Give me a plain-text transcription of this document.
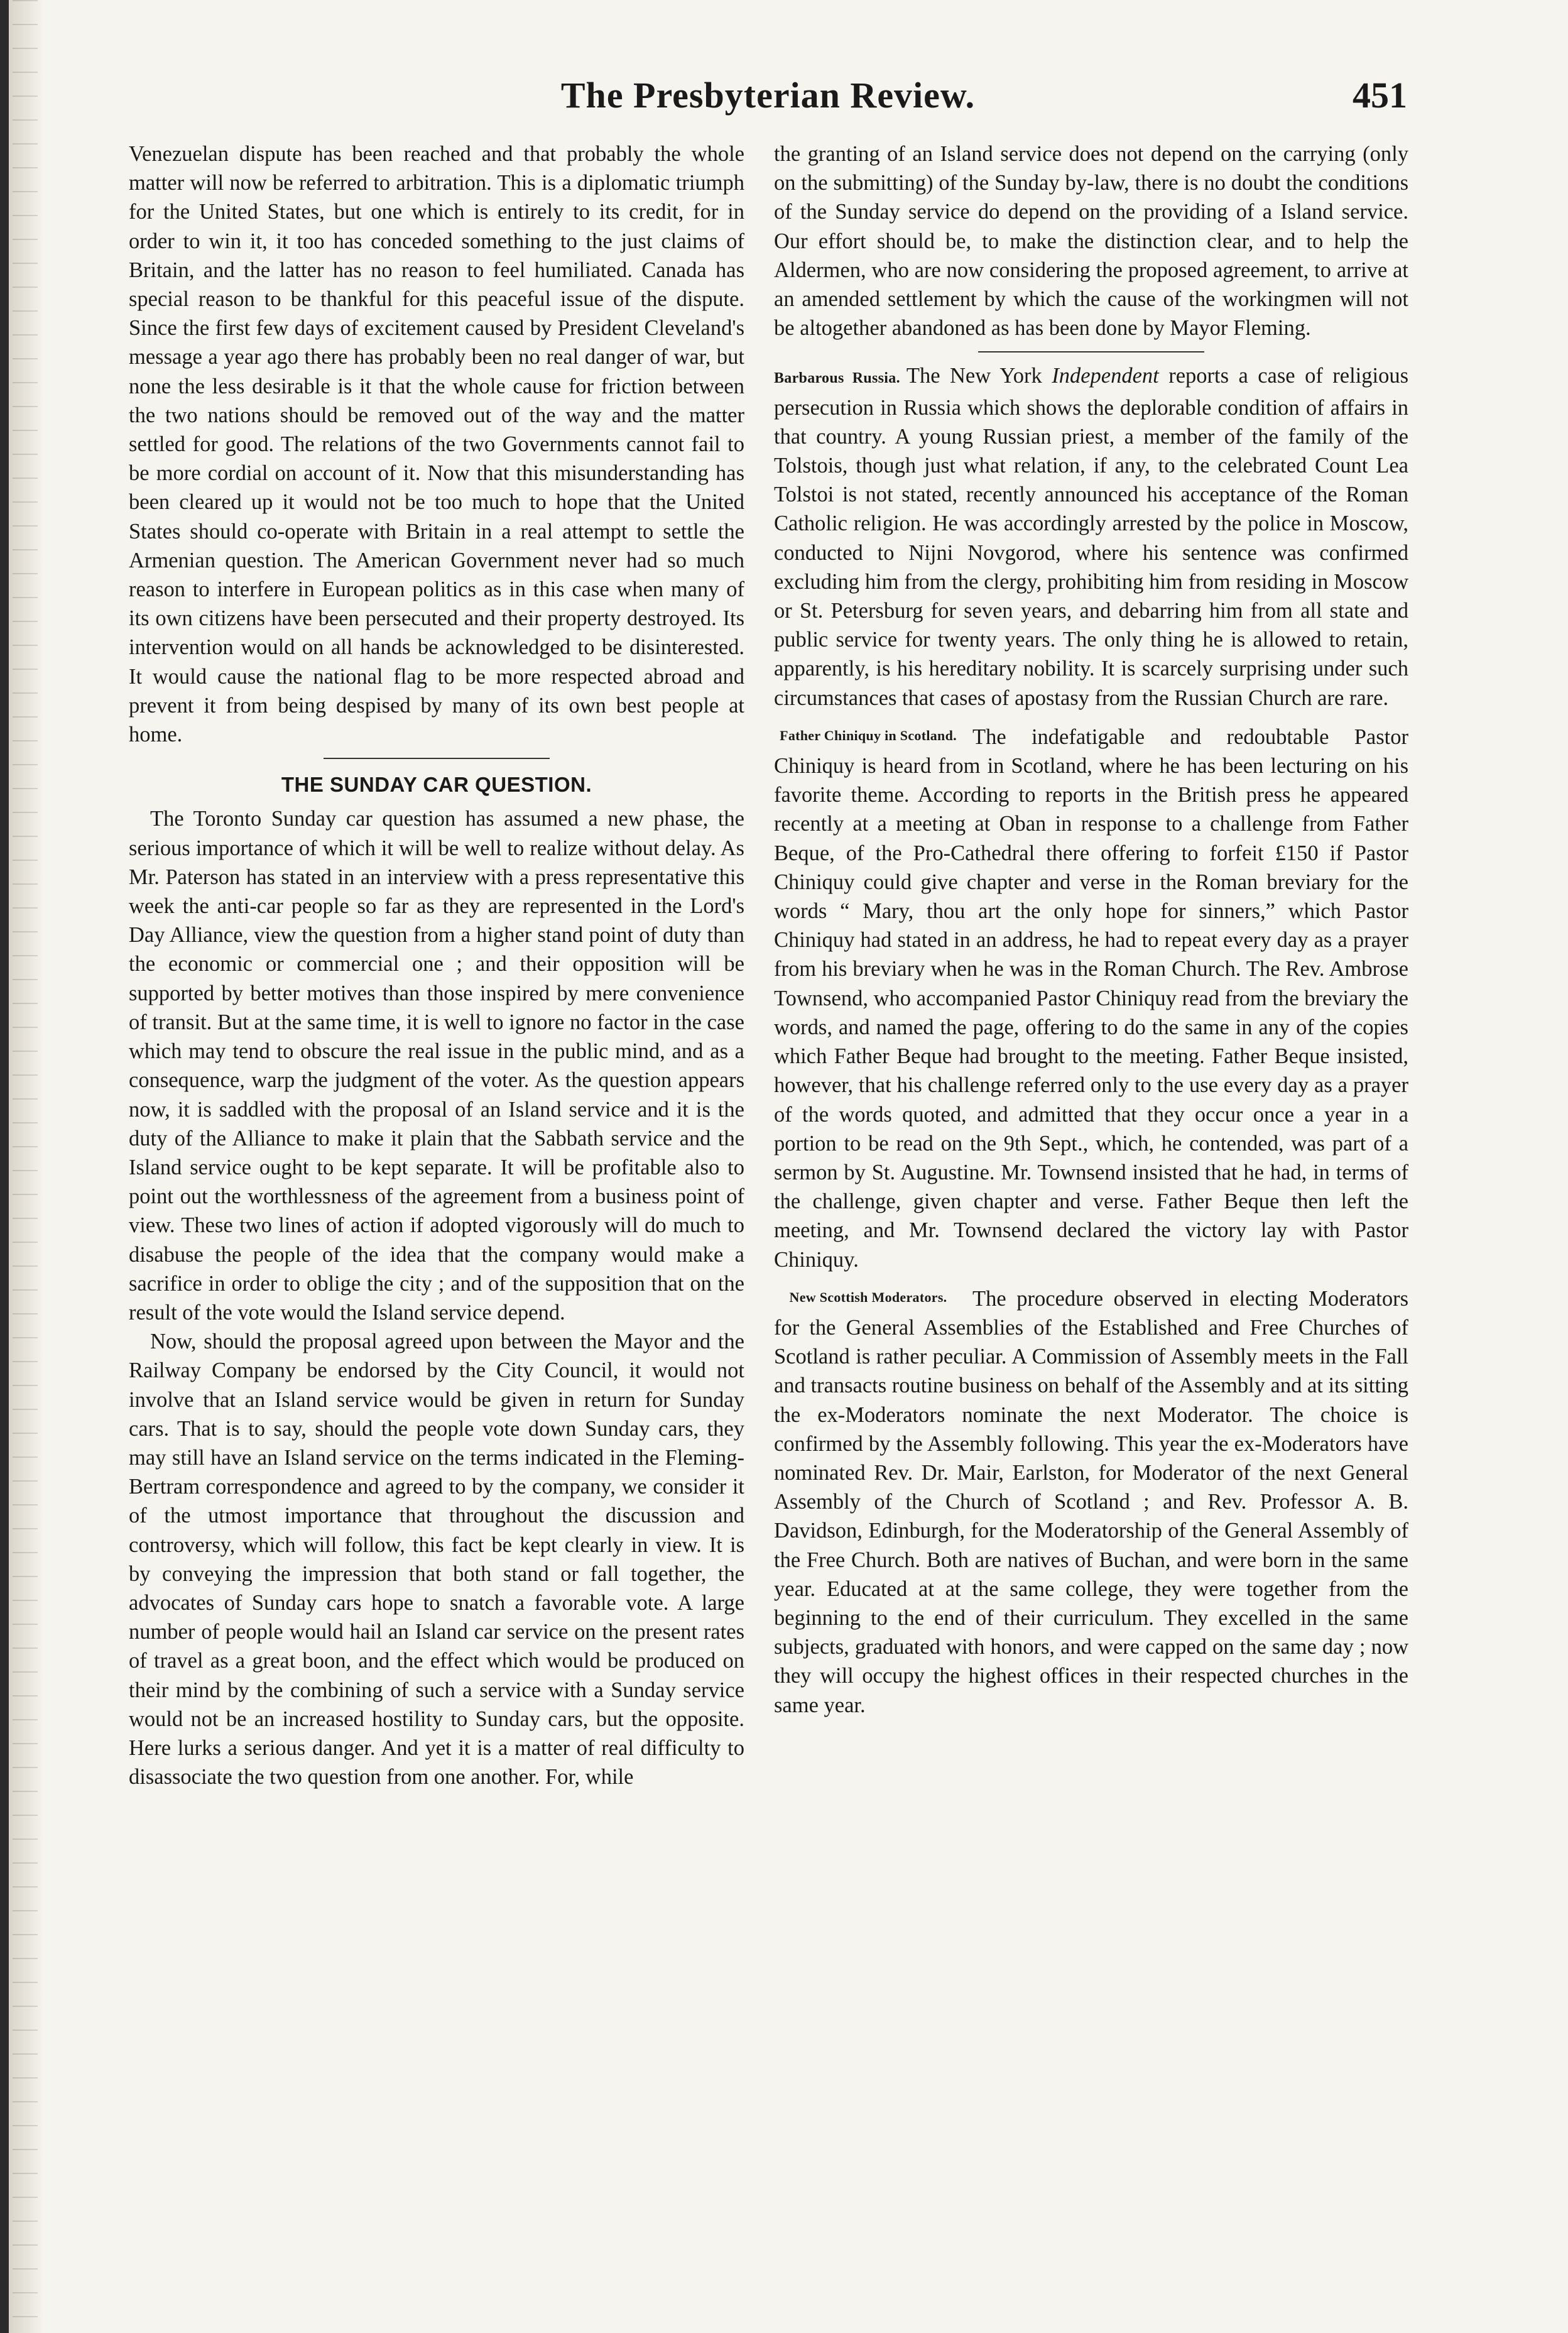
The Presbyterian Review.	451

Venezuelan dispute has been reached and that probably the whole matter will now be referred to arbitration. This is a diplomatic triumph for the United States, but one which is entirely to its credit, for in order to win it, it too has conceded something to the just claims of Britain, and the latter has no reason to feel humiliated. Canada has special reason to be thankful for this peaceful issue of the dispute. Since the first few days of excitement caused by President Cleveland's message a year ago there has probably been no real danger of war, but none the less desirable is it that the whole cause for friction between the two nations should be removed out of the way and the matter settled for good. The relations of the two Governments cannot fail to be more cordial on account of it. Now that this misunderstanding has been cleared up it would not be too much to hope that the United States should co-operate with Britain in a real attempt to settle the Armenian question. The American Government never had so much reason to interfere in European politics as in this case when many of its own citizens have been persecuted and their property destroyed. Its intervention would on all hands be acknowledged to be disinterested. It would cause the national flag to be more respected abroad and prevent it from being despised by many of its own best people at home.

THE SUNDAY CAR QUESTION.

The Toronto Sunday car question has assumed a new phase, the serious importance of which it will be well to realize without delay. As Mr. Paterson has stated in an interview with a press representative this week the anti-car people so far as they are represented in the Lord's Day Alliance, view the question from a higher stand point of duty than the economic or commercial one ; and their opposition will be supported by better motives than those inspired by mere convenience of transit. But at the same time, it is well to ignore no factor in the case which may tend to obscure the real issue in the public mind, and as a consequence, warp the judgment of the voter. As the question appears now, it is saddled with the proposal of an Island service and it is the duty of the Alliance to make it plain that the Sabbath service and the Island service ought to be kept separate. It will be profitable also to point out the worthlessness of the agreement from a business point of view. These two lines of action if adopted vigorously will do much to disabuse the people of the idea that the company would make a sacrifice in order to oblige the city ; and of the supposition that on the result of the vote would the Island service depend.

Now, should the proposal agreed upon between the Mayor and the Railway Company be endorsed by the City Council, it would not involve that an Island service would be given in return for Sunday cars. That is to say, should the people vote down Sunday cars, they may still have an Island service on the terms indicated in the Fleming-Bertram correspondence and agreed to by the company, we consider it of the utmost importance that throughout the discussion and controversy, which will follow, this fact be kept clearly in view. It is by conveying the impression that both stand or fall together, the advocates of Sunday cars hope to snatch a favorable vote. A large number of people would hail an Island car service on the present rates of travel as a great boon, and the effect which would be produced on their mind by the combining of such a service with a Sunday service would not be an increased hostility to Sunday cars, but the opposite. Here lurks a serious danger. And yet it is a matter of real difficulty to disassociate the two question from one another. For, while

the granting of an Island service does not depend on the carrying (only on the submitting) of the Sunday by-law, there is no doubt the conditions of the Sunday service do depend on the providing of a Island service. Our effort should be, to make the distinction clear, and to help the Aldermen, who are now considering the proposed agreement, to arrive at an amended settlement by which the cause of the workingmen will not be altogether abandoned as has been done by Mayor Fleming.

Barbarous Russia. The New York Independent reports a case of religious persecution in Russia which shows the deplorable condition of affairs in that country. A young Russian priest, a member of the family of the Tolstois, though just what relation, if any, to the celebrated Count Lea Tolstoi is not stated, recently announced his acceptance of the Roman Catholic religion. He was accordingly arrested by the police in Moscow, conducted to Nijni Novgorod, where his sentence was confirmed excluding him from the clergy, prohibiting him from residing in Moscow or St. Petersburg for seven years, and debarring him from all state and public service for twenty years. The only thing he is allowed to retain, apparently, is his hereditary nobility. It is scarcely surprising under such circumstances that cases of apostasy from the Russian Church are rare.

Father Chiniquy in Scotland. The indefatigable and redoubtable Pastor Chiniquy is heard from in Scotland, where he has been lecturing on his favorite theme. According to reports in the British press he appeared recently at a meeting at Oban in response to a challenge from Father Beque, of the Pro-Cathedral there offering to forfeit £150 if Pastor Chiniquy could give chapter and verse in the Roman breviary for the words “ Mary, thou art the only hope for sinners,” which Pastor Chiniquy had stated in an address, he had to repeat every day as a prayer from his breviary when he was in the Roman Church. The Rev. Ambrose Townsend, who accompanied Pastor Chiniquy read from the breviary the words, and named the page, offering to do the same in any of the copies which Father Beque had brought to the meeting. Father Beque insisted, however, that his challenge referred only to the use every day as a prayer of the words quoted, and admitted that they occur once a year in a portion to be read on the 9th Sept., which, he contended, was part of a sermon by St. Augustine. Mr. Townsend insisted that he had, in terms of the challenge, given chapter and verse. Father Beque then left the meeting, and Mr. Townsend declared the victory lay with Pastor Chiniquy.

New Scottish Moderators.	The procedure observed in electing Moderators for the General Assemblies of the Established and Free Churches of Scotland is rather peculiar. A Commission of Assembly meets in the Fall and transacts routine business on behalf of the Assembly and at its sitting the ex-Moderators nominate the next Moderator. The choice is confirmed by the Assembly following. This year the ex-Moderators have nominated Rev. Dr. Mair, Earlston, for Moderator of the next General Assembly of the Church of Scotland ; and Rev. Professor A. B. Davidson, Edinburgh, for the Moderatorship of the General Assembly of the Free Church. Both are natives of Buchan, and were born in the same year. Educated at at the same college, they were together from the beginning to the end of their curriculum. They excelled in the same subjects, graduated with honors, and were capped on the same day ; now they will occupy the highest offices in their respected churches in the same year.
